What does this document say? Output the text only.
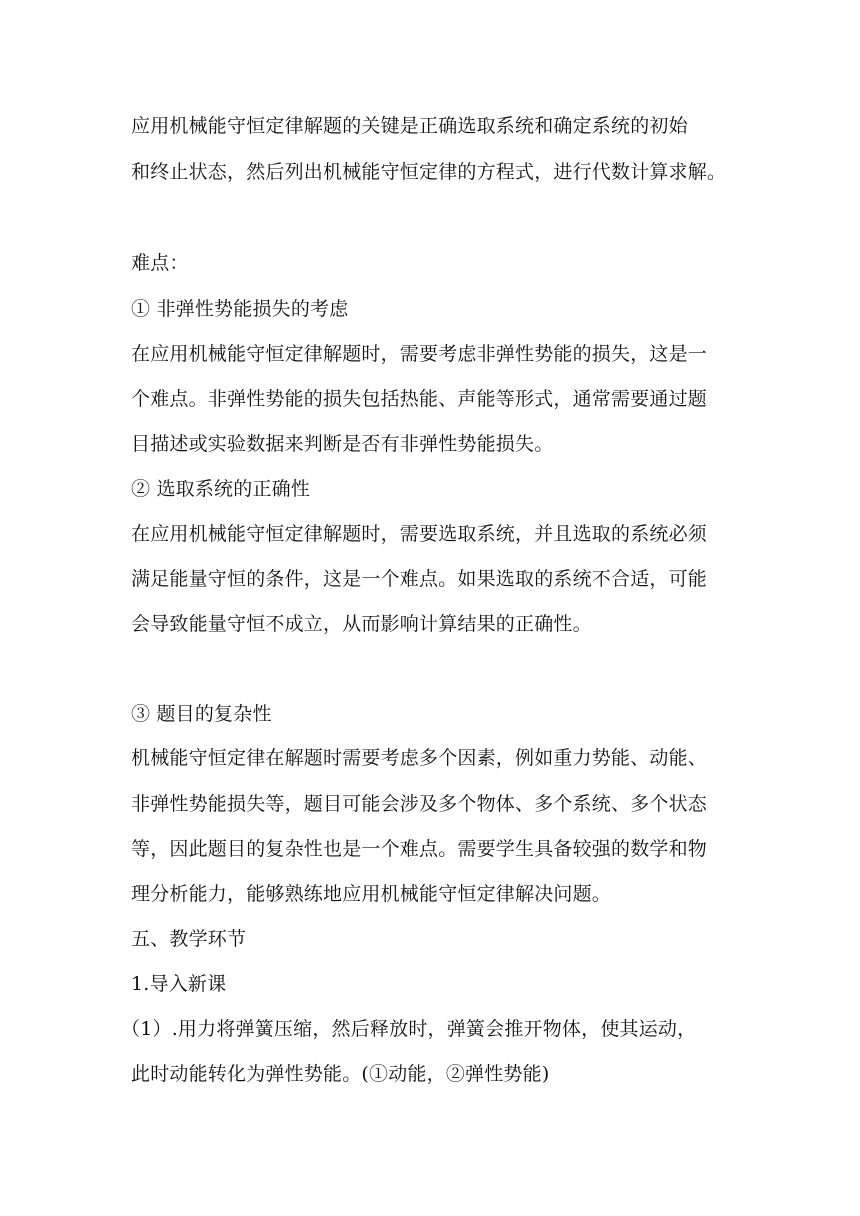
应用机械能守恒定律解题的关键是正确选取系统和确定系统的初始
和终止状态，然后列出机械能守恒定律的方程式，进行代数计算求解。
难点：
① 非弹性势能损失的考虑
在应用机械能守恒定律解题时，需要考虑非弹性势能的损失，这是一
个难点。非弹性势能的损失包括热能、声能等形式，通常需要通过题
目描述或实验数据来判断是否有非弹性势能损失。
② 选取系统的正确性
在应用机械能守恒定律解题时，需要选取系统，并且选取的系统必须
满足能量守恒的条件，这是一个难点。如果选取的系统不合适，可能
会导致能量守恒不成立，从而影响计算结果的正确性。
③ 题目的复杂性
机械能守恒定律在解题时需要考虑多个因素，例如重力势能、动能、
非弹性势能损失等，题目可能会涉及多个物体、多个系统、多个状态
等，因此题目的复杂性也是一个难点。需要学生具备较强的数学和物
理分析能力，能够熟练地应用机械能守恒定律解决问题。
五、教学环节
1.导入新课
（1）.用力将弹簧压缩，然后释放时，弹簧会推开物体，使其运动，
此时动能转化为弹性势能。(①动能，②弹性势能)
